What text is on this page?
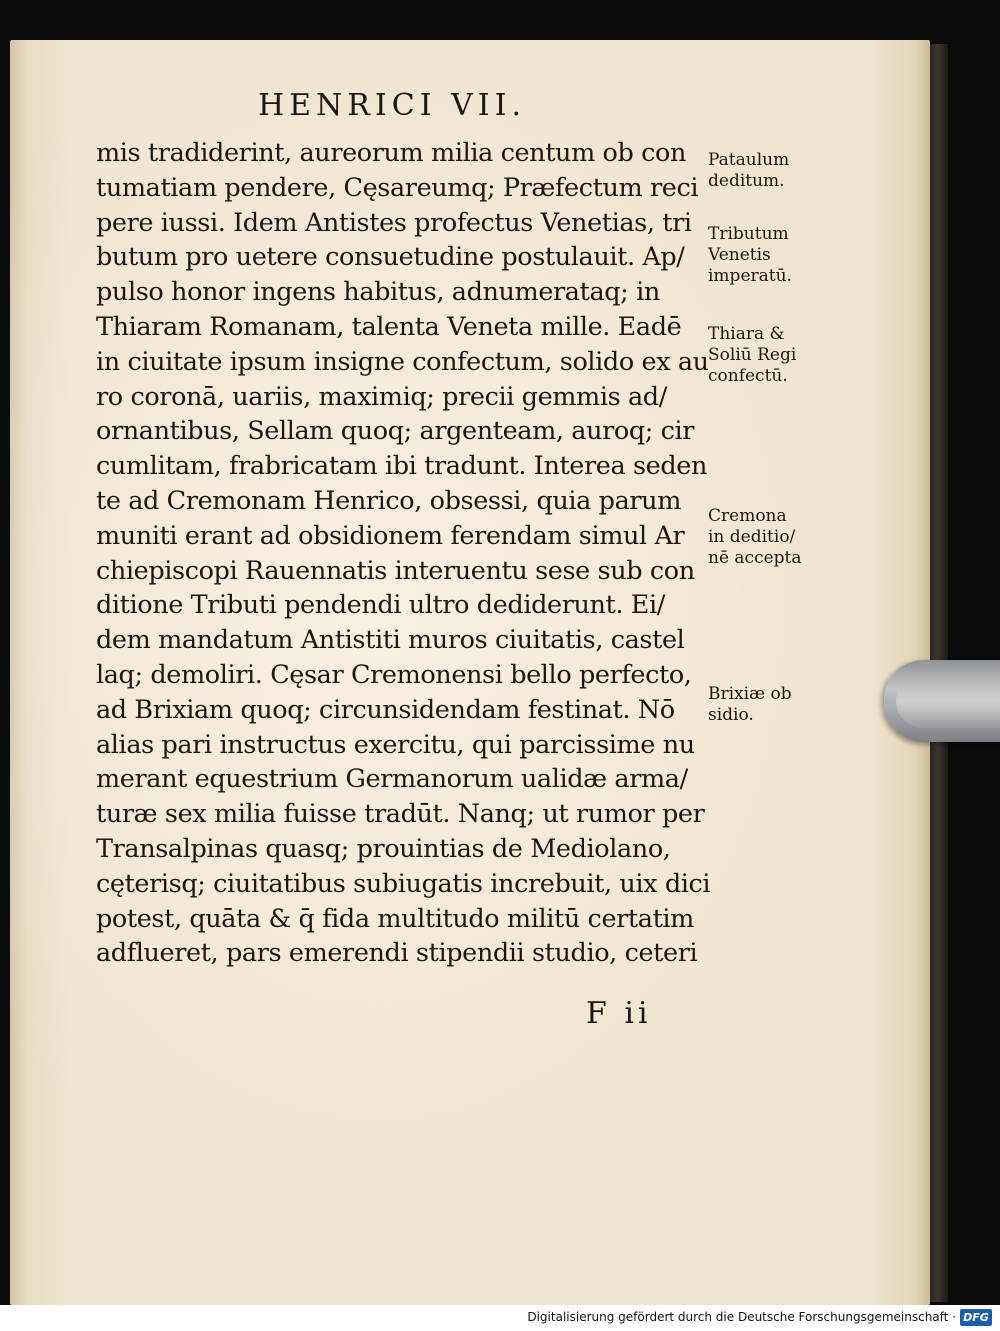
HENRICI VII.
mis tradiderint, aureorum milia centum ob con
tumatiam pendere, Cęsareumq; Præfectum reci
pere iussi. Idem Antistes profectus Venetias, tri
butum pro uetere consuetudine postulauit. Ap/
pulso honor ingens habitus, adnumerataq; in
Thiaram Romanam, talenta Veneta mille. Eadē
in ciuitate ipsum insigne confectum, solido ex au
ro coronā, uariis, maximiq; precii gemmis ad/
ornantibus, Sellam quoq; argenteam, auroq; cir
cumlitam, frabricatam ibi tradunt. Interea seden
te ad Cremonam Henrico, obsessi, quia parum
muniti erant ad obsidionem ferendam simul Ar
chiepiscopi Rauennatis interuentu sese sub con
ditione Tributi pendendi ultro dediderunt. Ei/
dem mandatum Antistiti muros ciuitatis, castel
laq; demoliri. Cęsar Cremonensi bello perfecto,
ad Brixiam quoq; circunsidendam festinat. Nō
alias pari instructus exercitu, qui parcissime nu
merant equestrium Germanorum ualidæ arma/
turæ sex milia fuisse tradūt. Nanq; ut rumor per
Transalpinas quasq; prouintias de Mediolano,
cęterisq; ciuitatibus subiugatis increbuit, uix dici
potest, quāta & q̄ fida multitudo militū certatim
adflueret, pars emerendi stipendii studio, ceteri
Pataulum
deditum.
Tributum
Venetis
imperatū.
Thiara &
Soliū Regi
confectū.
Cremona
in deditio/
nē accepta
Brixiæ ob
sidio.
F ii
Digitalisierung gefördert durch die Deutsche Forschungsgemeinschaft · DFG
